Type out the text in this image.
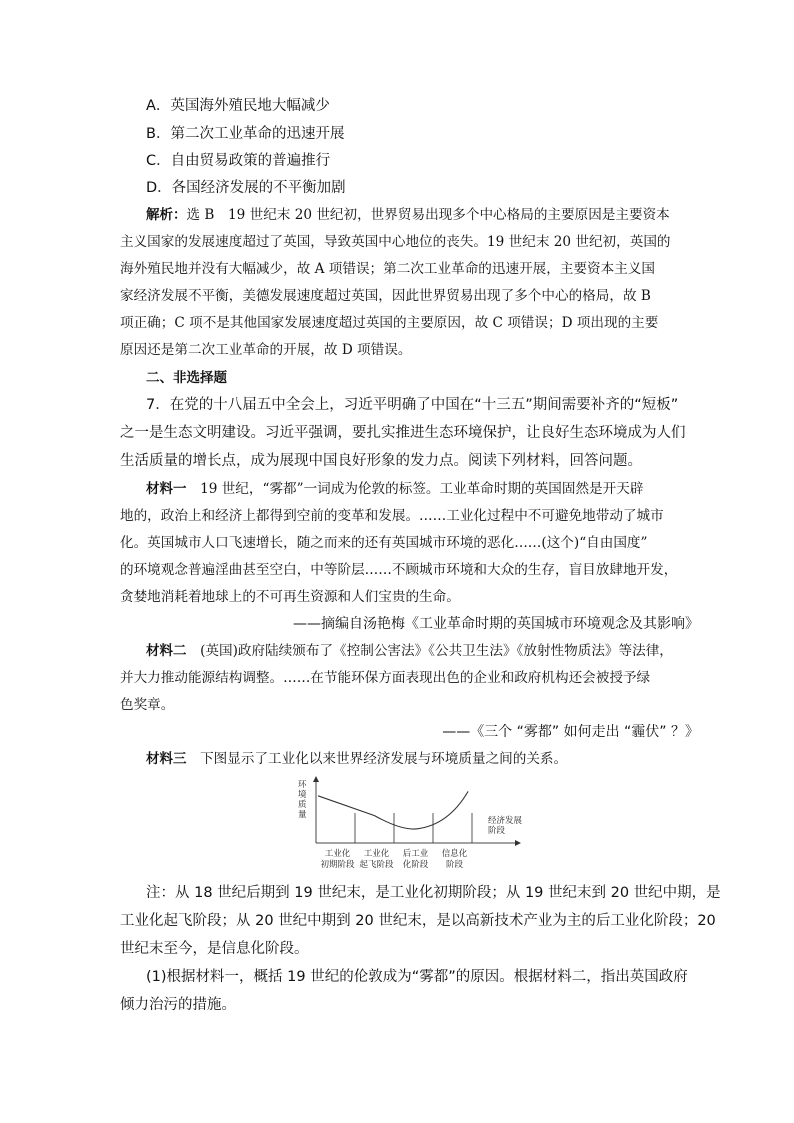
A．英国海外殖民地大幅减少
B．第二次工业革命的迅速开展
C．自由贸易政策的普遍推行
D．各国经济发展的不平衡加剧
解析：选 B　19 世纪末 20 世纪初，世界贸易出现多个中心格局的主要原因是主要资本
主义国家的发展速度超过了英国，导致英国中心地位的丧失。19 世纪末 20 世纪初，英国的
海外殖民地并没有大幅减少，故 A 项错误；第二次工业革命的迅速开展，主要资本主义国
家经济发展不平衡，美德发展速度超过英国，因此世界贸易出现了多个中心的格局，故 B
项正确；C 项不是其他国家发展速度超过英国的主要原因，故 C 项错误；D 项出现的主要
原因还是第二次工业革命的开展，故 D 项错误。
二、非选择题
7．在党的十八届五中全会上，习近平明确了中国在“十三五”期间需要补齐的“短板”
之一是生态文明建设。习近平强调，要扎实推进生态环境保护，让良好生态环境成为人们
生活质量的增长点，成为展现中国良好形象的发力点。阅读下列材料，回答问题。
材料一　19 世纪，“雾都”一词成为伦敦的标签。工业革命时期的英国固然是开天辟
地的，政治上和经济上都得到空前的变革和发展。……工业化过程中不可避免地带动了城市
化。英国城市人口飞速增长，随之而来的还有英国城市环境的恶化……(这个)“自由国度”
的环境观念普遍淫曲甚至空白，中等阶层……不顾城市环境和大众的生存，盲目放肆地开发，
贪婪地消耗着地球上的不可再生资源和人们宝贵的生命。
——摘编自汤艳梅《工业革命时期的英国城市环境观念及其影响》
材料二　(英国)政府陆续颁布了《控制公害法》《公共卫生法》《放射性物质法》等法律，
并大力推动能源结构调整。……在节能环保方面表现出色的企业和政府机构还会被授予绿
色奖章。
——《三个 “雾都” 如何走出 “霾伏” ？》
材料三　下图显示了工业化以来世界经济发展与环境质量之间的关系。
环境质量
经济发展阶段
工业化初期阶段
工业化起飞阶段
后工业化阶段
信息化阶段
注：从 18 世纪后期到 19 世纪末，是工业化初期阶段；从 19 世纪末到 20 世纪中期，是
工业化起飞阶段；从 20 世纪中期到 20 世纪末，是以高新技术产业为主的后工业化阶段；20
世纪末至今，是信息化阶段。
(1)根据材料一，概括 19 世纪的伦敦成为“雾都”的原因。根据材料二，指出英国政府
倾力治污的措施。
